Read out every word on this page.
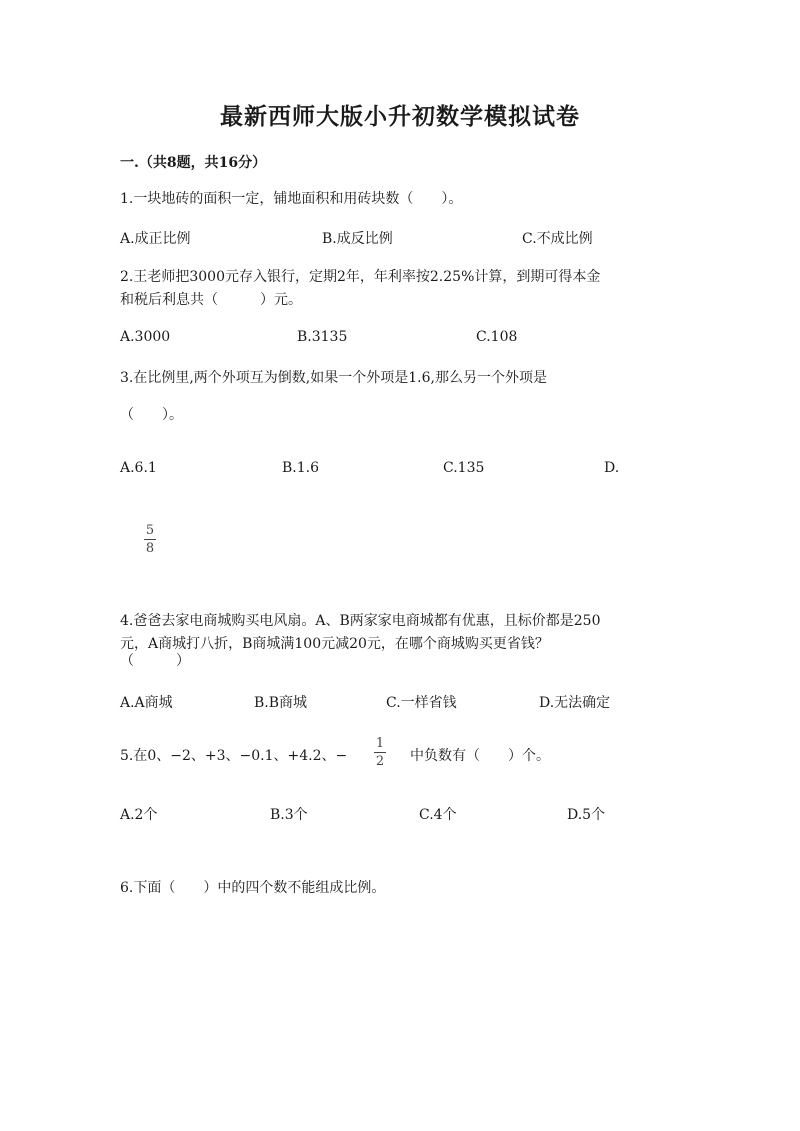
最新西师大版小升初数学模拟试卷
一.（共8题，共16分）
1.一块地砖的面积一定，铺地面积和用砖块数（　　）。
A.成正比例	B.成反比例	C.不成比例
2.王老师把3000元存入银行，定期2年，年利率按2.25%计算，到期可得本金
和税后利息共（　　　）元。
A.3000	B.3135	C.108
3.在比例里,两个外项互为倒数,如果一个外项是1.6,那么另一个外项是
（　　）。
A.6.1	B.1.6	C.135	D.
5
8
4.爸爸去家电商城购买电风扇。A、B两家家电商城都有优惠，且标价都是250
元，A商城打八折，B商城满100元减20元，在哪个商城购买更省钱？
（　　　）
A.A商城	B.B商城	C.一样省钱	D.无法确定
5.在0、−2、+3、−0.1、+4.2、−
1
2 中负数有（　　）个。
A.2个	B.3个	C.4个	D.5个
6.下面（　　）中的四个数不能组成比例。
